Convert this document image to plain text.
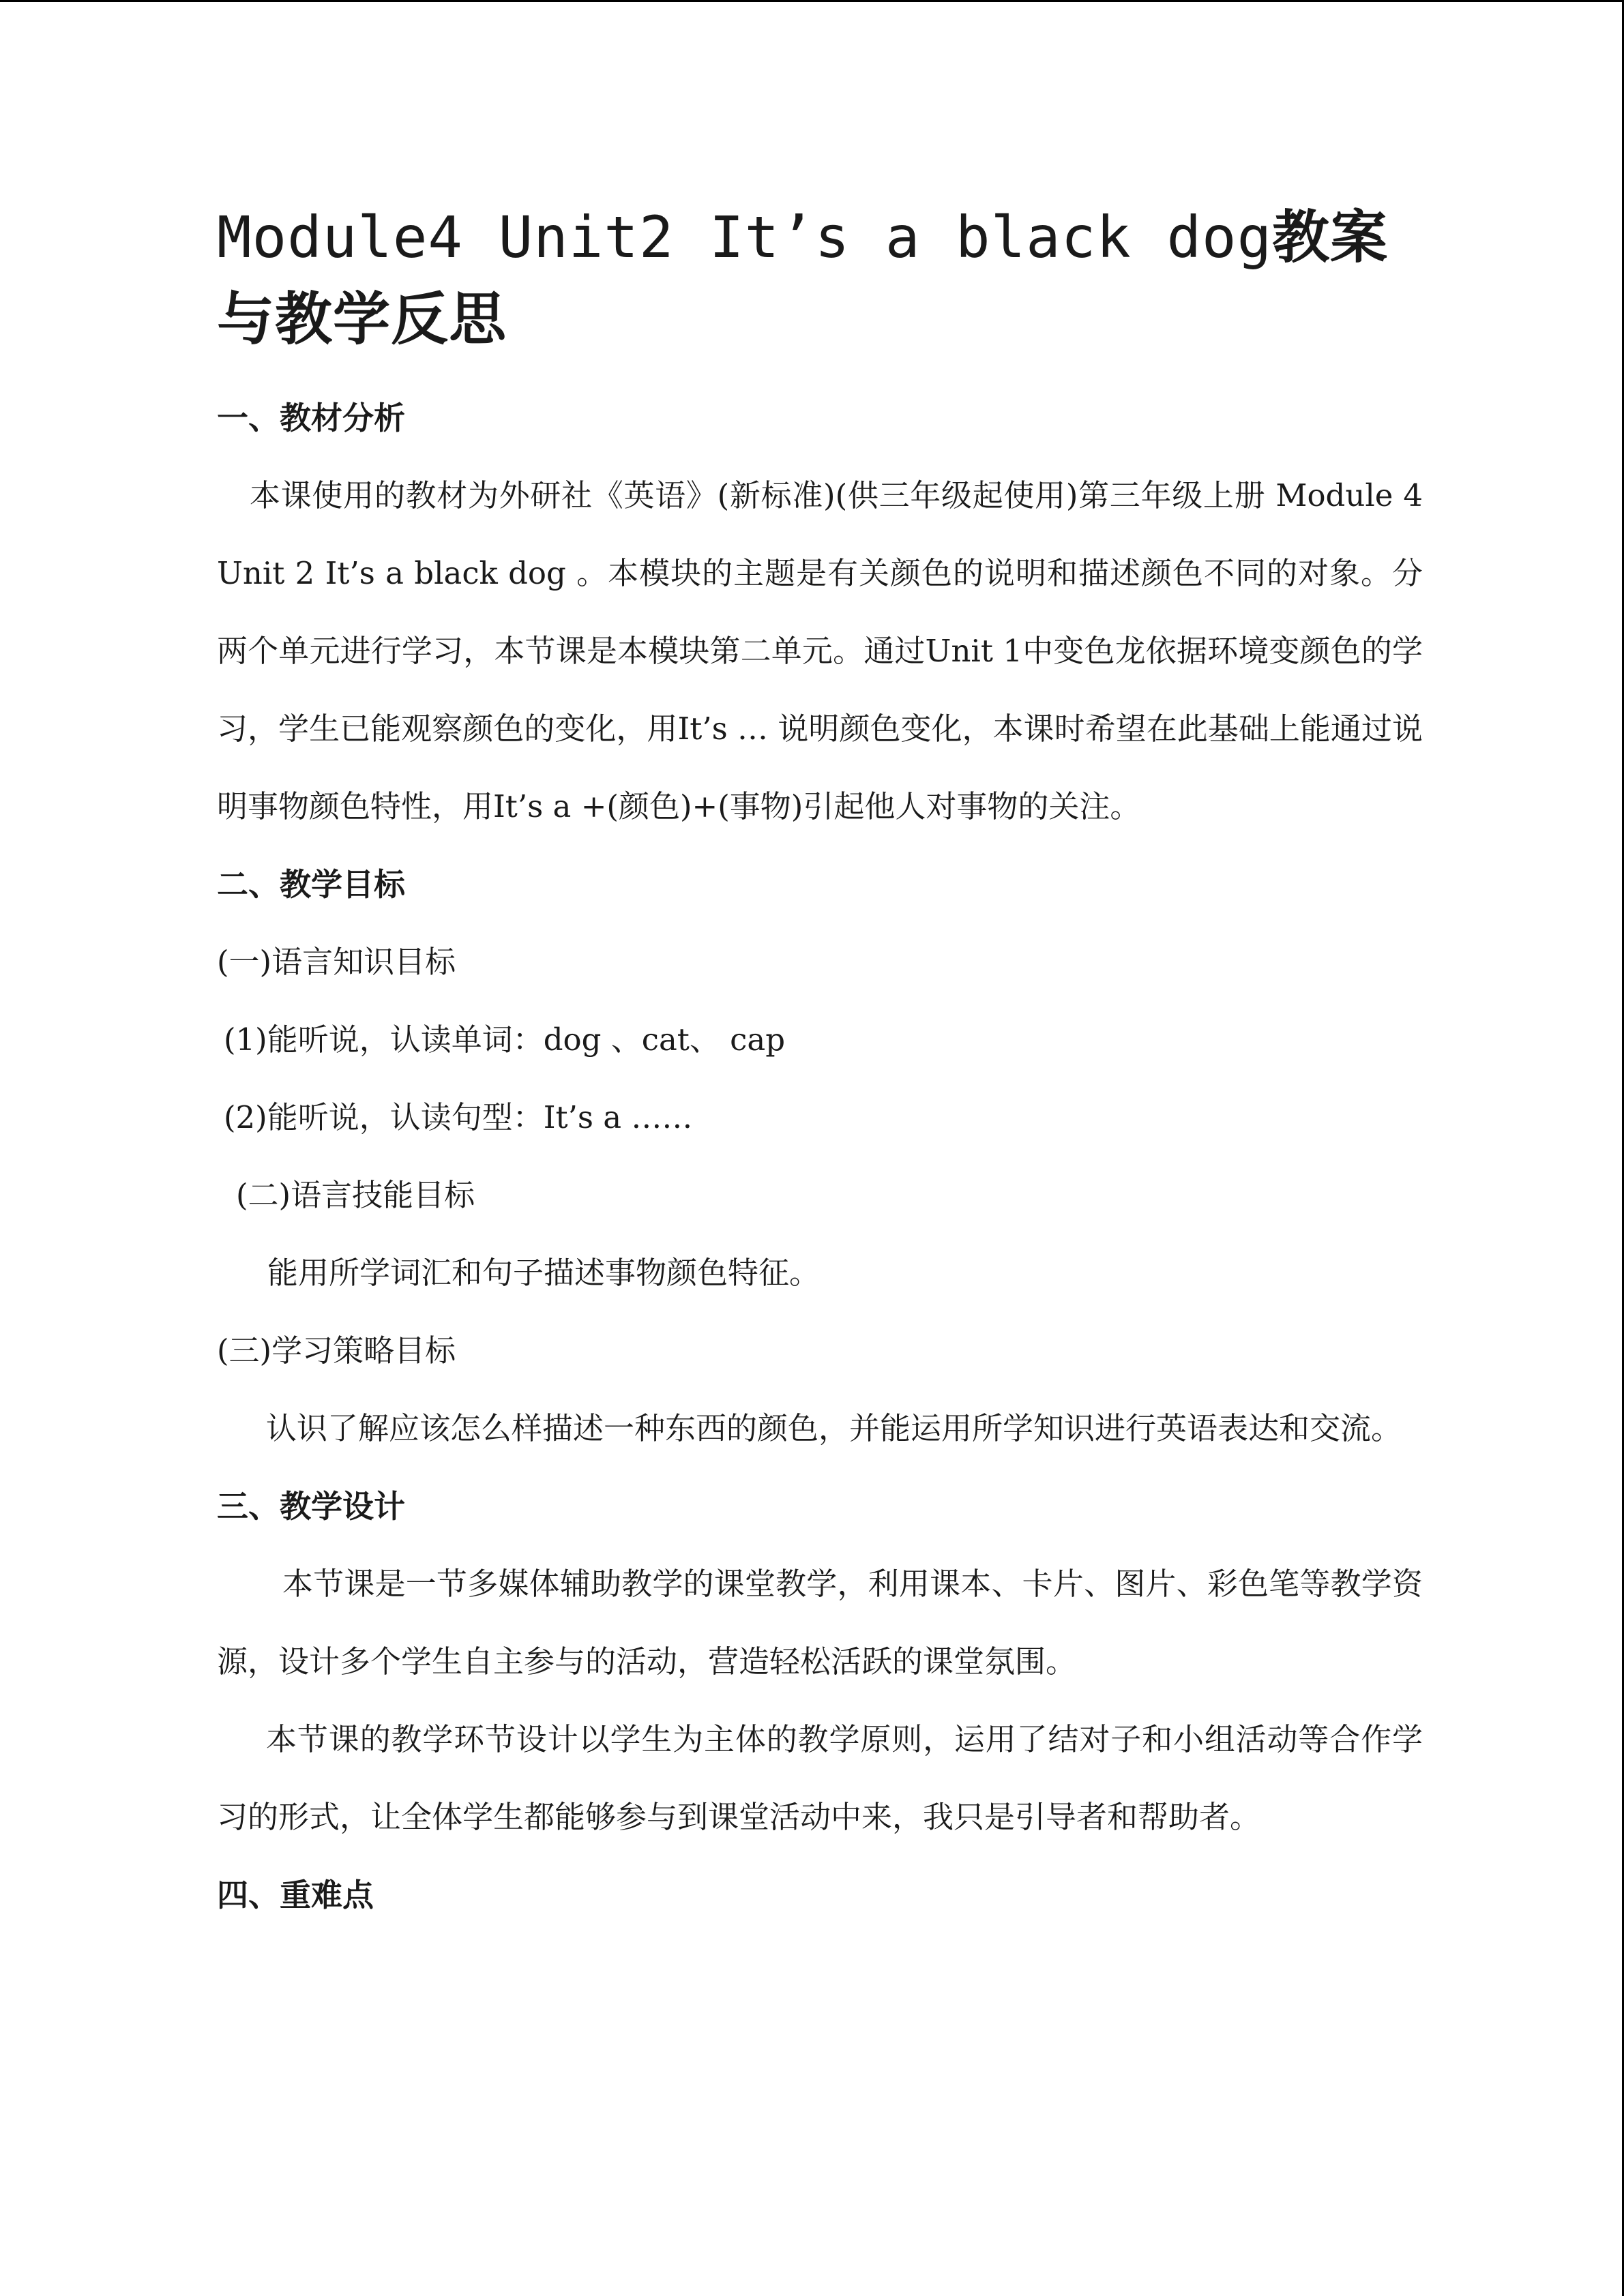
Module4 Unit2 It’s a black dog教案与教学反思

一、教材分析

本课使用的教材为外研社《英语》(新标准)(供三年级起使用)第三年级上册 Module 4 Unit 2 It’s a black dog 。本模块的主题是有关颜色的说明和描述颜色不同的对象。分两个单元进行学习，本节课是本模块第二单元。通过Unit 1中变色龙依据环境变颜色的学习，学生已能观察颜色的变化，用It’s … 说明颜色变化，本课时希望在此基础上能通过说明事物颜色特性，用It’s a +(颜色)+(事物)引起他人对事物的关注。

二、教学目标

(一)语言知识目标

(1)能听说，认读单词：dog 、cat、 cap

(2)能听说，认读句型：It’s a ……

(二)语言技能目标

能用所学词汇和句子描述事物颜色特征。

(三)学习策略目标

认识了解应该怎么样描述一种东西的颜色，并能运用所学知识进行英语表达和交流。

三、教学设计

本节课是一节多媒体辅助教学的课堂教学，利用课本、卡片、图片、彩色笔等教学资源，设计多个学生自主参与的活动，营造轻松活跃的课堂氛围。

本节课的教学环节设计以学生为主体的教学原则，运用了结对子和小组活动等合作学习的形式，让全体学生都能够参与到课堂活动中来，我只是引导者和帮助者。

四、重难点
